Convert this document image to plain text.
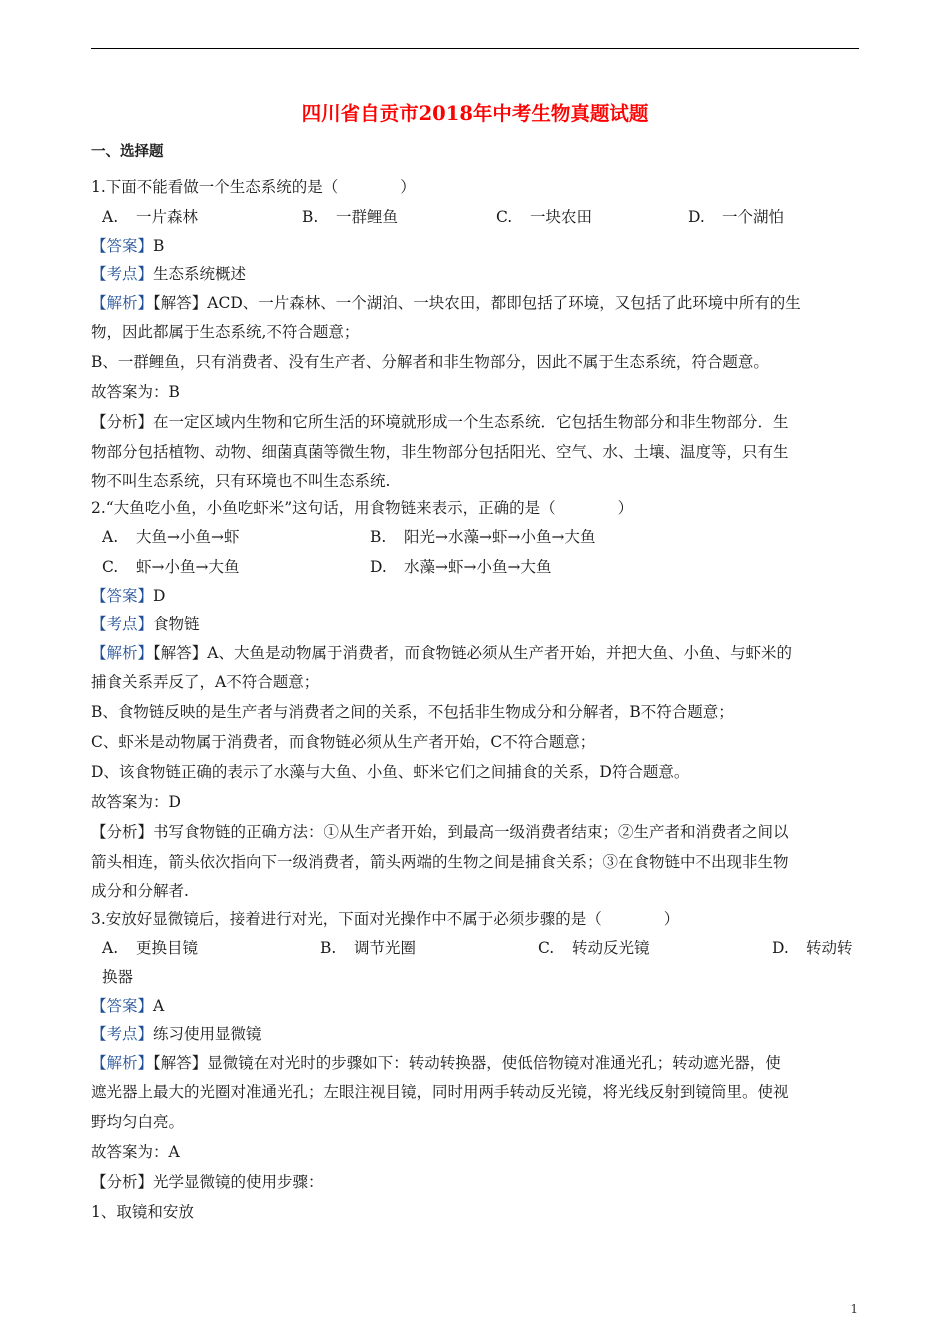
四川省自贡市2018年中考生物真题试题
一、选择题
1.下面不能看做一个生态系统的是（　　　　）
A. 一片森林	B. 一群鲤鱼	C. 一块农田	D. 一个湖怕
【答案】B
【考点】生态系统概述
【解析】【解答】ACD、一片森林、一个湖泊、一块农田，都即包括了环境，又包括了此环境中所有的生
物，因此都属于生态系统,不符合题意；
B、一群鲤鱼，只有消费者、没有生产者、分解者和非生物部分，因此不属于生态系统，符合题意。
故答案为：B
【分析】在一定区域内生物和它所生活的环境就形成一个生态系统．它包括生物部分和非生物部分．生
物部分包括植物、动物、细菌真菌等微生物，非生物部分包括阳光、空气、水、土壤、温度等，只有生
物不叫生态系统，只有环境也不叫生态系统.
2.“大鱼吃小鱼，小鱼吃虾米”这句话，用食物链来表示，正确的是（　　　　）
A. 大鱼→小鱼→虾	B. 阳光→水藻→虾→小鱼→大鱼
C. 虾→小鱼→大鱼	D. 水藻→虾→小鱼→大鱼
【答案】D
【考点】食物链
【解析】【解答】A、大鱼是动物属于消费者，而食物链必须从生产者开始，并把大鱼、小鱼、与虾米的
捕食关系弄反了，A不符合题意；
B、食物链反映的是生产者与消费者之间的关系，不包括非生物成分和分解者，B不符合题意；
C、虾米是动物属于消费者，而食物链必须从生产者开始，C不符合题意；
D、该食物链正确的表示了水藻与大鱼、小鱼、虾米它们之间捕食的关系，D符合题意。
故答案为：D
【分析】书写食物链的正确方法：①从生产者开始，到最高一级消费者结束；②生产者和消费者之间以
箭头相连，箭头依次指向下一级消费者，箭头两端的生物之间是捕食关系；③在食物链中不出现非生物
成分和分解者.
3.安放好显微镜后，接着进行对光，下面对光操作中不属于必须步骤的是（　　　　）
A. 更换目镜	B. 调节光圈	C. 转动反光镜	D. 转动转
换器
【答案】A
【考点】练习使用显微镜
【解析】【解答】显微镜在对光时的步骤如下：转动转换器，使低倍物镜对准通光孔；转动遮光器，使
遮光器上最大的光圈对准通光孔；左眼注视目镜，同时用两手转动反光镜，将光线反射到镜筒里。使视
野均匀白亮。
故答案为：A
【分析】光学显微镜的使用步骤：
1、取镜和安放
1
